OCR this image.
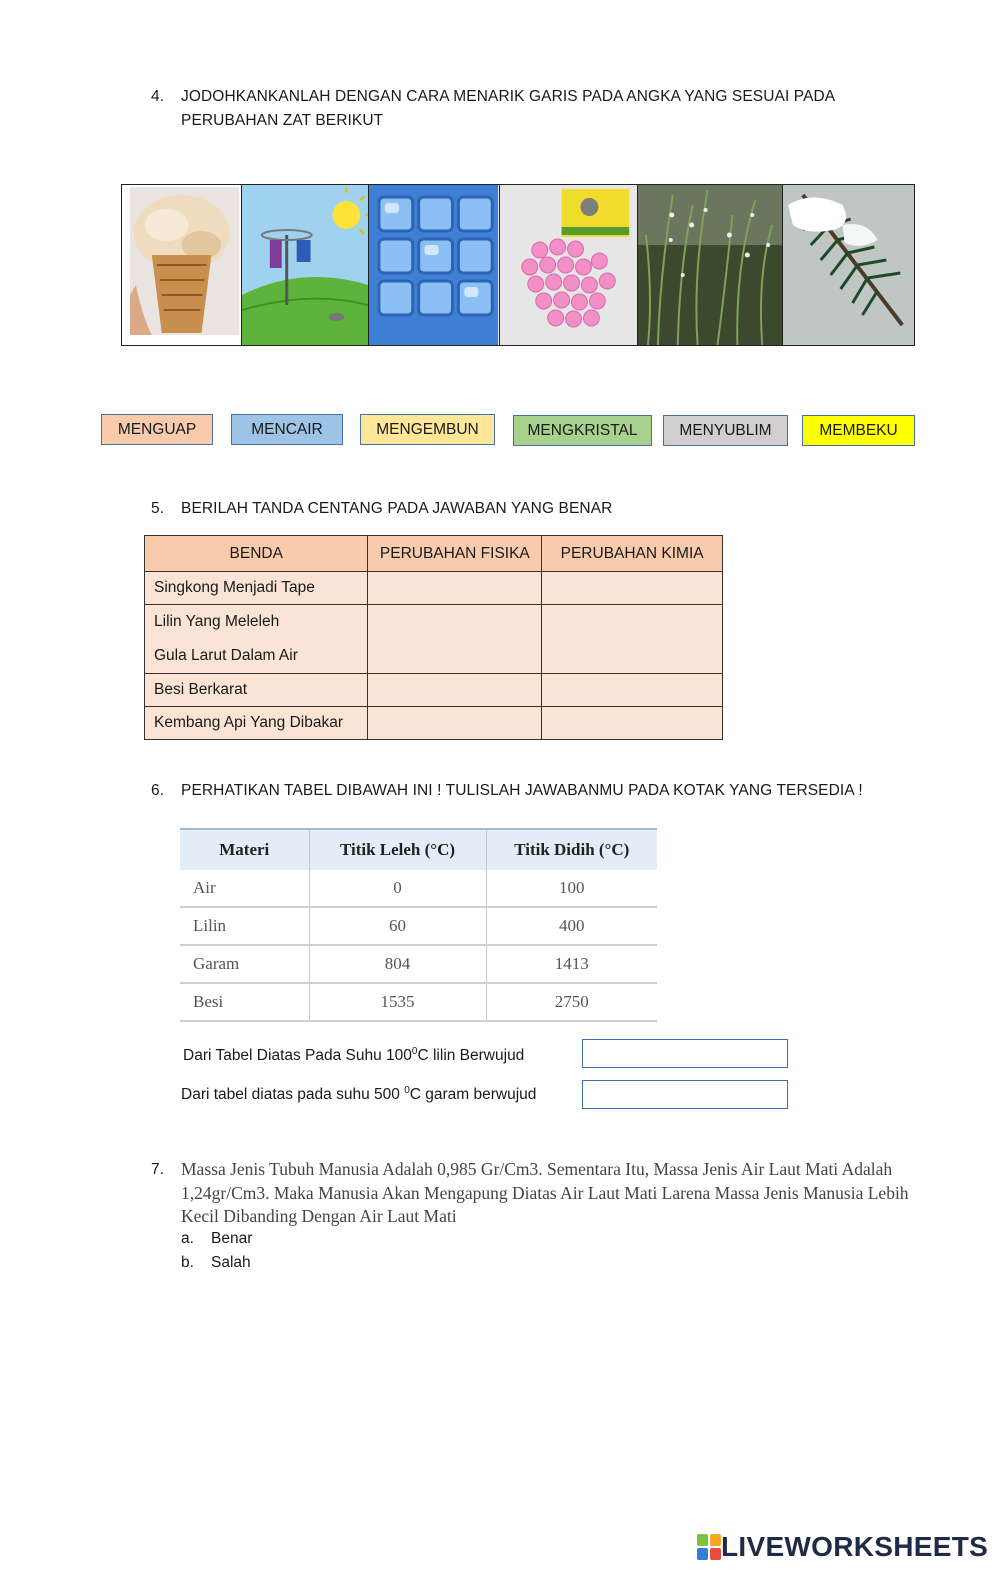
4. JODOHKANKANLAH DENGAN CARA MENARIK GARIS PADA ANGKA YANG SESUAI PADA
PERUBAHAN ZAT BERIKUT
MENGUAP	MENCAIR	MENGEMBUN	MENGKRISTAL	MENYUBLIM	MEMBEKU
5. BERILAH TANDA CENTANG PADA JAWABAN YANG BENAR
BENDA	PERUBAHAN FISIKA	PERUBAHAN KIMIA
Singkong Menjadi Tape		

Lilin Yang Meleleh
Gula Larut Dalam Air		

Besi Berkarat		
Kembang Api Yang Dibakar		
6. PERHATIKAN TABEL DIBAWAH INI ! TULISLAH JAWABANMU PADA KOTAK YANG TERSEDIA !
Materi	Titik Leleh (°C)	Titik Didih (°C)
Air	0	100
Lilin	60	400
Garam	804	1413
Besi	1535	2750
Dari Tabel Diatas Pada Suhu $100^0C$ lilin Berwujud
Dari tabel diatas pada suhu 500 $^0$C garam berwujud
7. Massa Jenis Tubuh Manusia Adalah 0,985 Gr/Cm3. Sementara Itu, Massa Jenis Air Laut Mati Adalah 1,24gr/Cm3. Maka Manusia Akan Mengapung Diatas Air Laut Mati Larena Massa Jenis Manusia Lebih Kecil Dibanding Dengan Air Laut Mati
a. Benar
b. Salah
LIVEWORKSHEETS
